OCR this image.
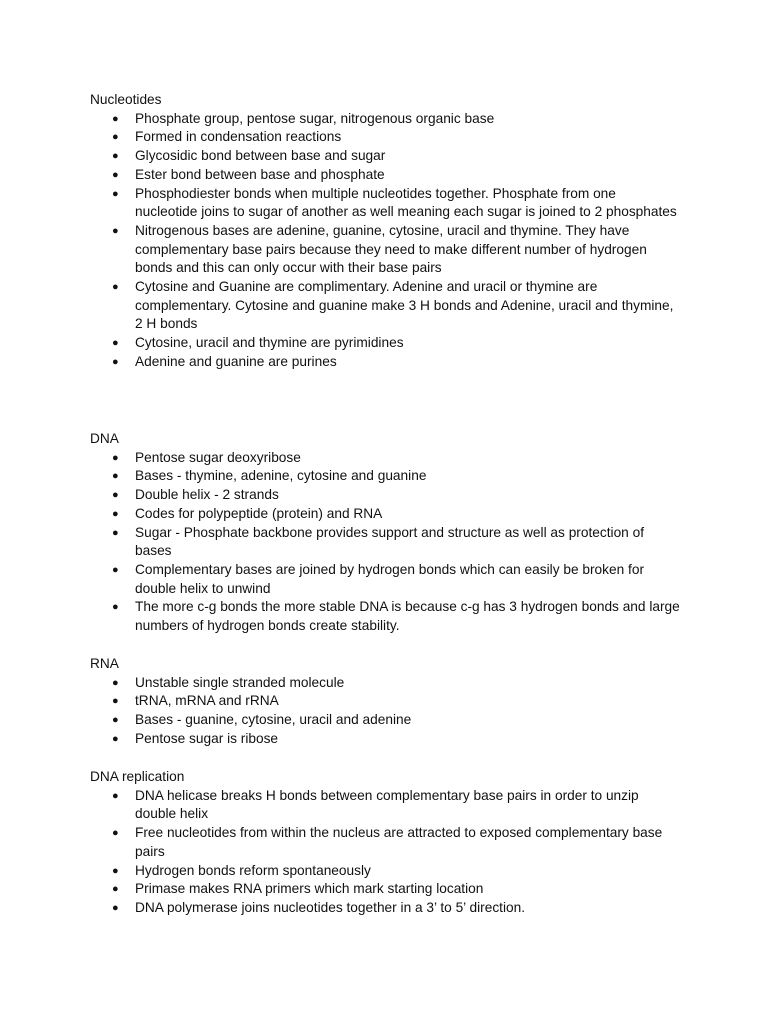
Nucleotides
● Phosphate group, pentose sugar, nitrogenous organic base
● Formed in condensation reactions
● Glycosidic bond between base and sugar
● Ester bond between base and phosphate
● Phosphodiester bonds when multiple nucleotides together. Phosphate from one nucleotide joins to sugar of another as well meaning each sugar is joined to 2 phosphates
● Nitrogenous bases are adenine, guanine, cytosine, uracil and thymine. They have complementary base pairs because they need to make different number of hydrogen bonds and this can only occur with their base pairs
● Cytosine and Guanine are complimentary. Adenine and uracil or thymine are complementary. Cytosine and guanine make 3 H bonds and Adenine, uracil and thymine, 2 H bonds
● Cytosine, uracil and thymine are pyrimidines
● Adenine and guanine are purines
DNA
● Pentose sugar deoxyribose
● Bases - thymine, adenine, cytosine and guanine
● Double helix - 2 strands
● Codes for polypeptide (protein) and RNA
● Sugar - Phosphate backbone provides support and structure as well as protection of bases
● Complementary bases are joined by hydrogen bonds which can easily be broken for double helix to unwind
● The more c-g bonds the more stable DNA is because c-g has 3 hydrogen bonds and large numbers of hydrogen bonds create stability.
RNA
● Unstable single stranded molecule
● tRNA, mRNA and rRNA
● Bases - guanine, cytosine, uracil and adenine
● Pentose sugar is ribose
DNA replication
● DNA helicase breaks H bonds between complementary base pairs in order to unzip double helix
● Free nucleotides from within the nucleus are attracted to exposed complementary base pairs
● Hydrogen bonds reform spontaneously
● Primase makes RNA primers which mark starting location
● DNA polymerase joins nucleotides together in a 3’ to 5’ direction.
